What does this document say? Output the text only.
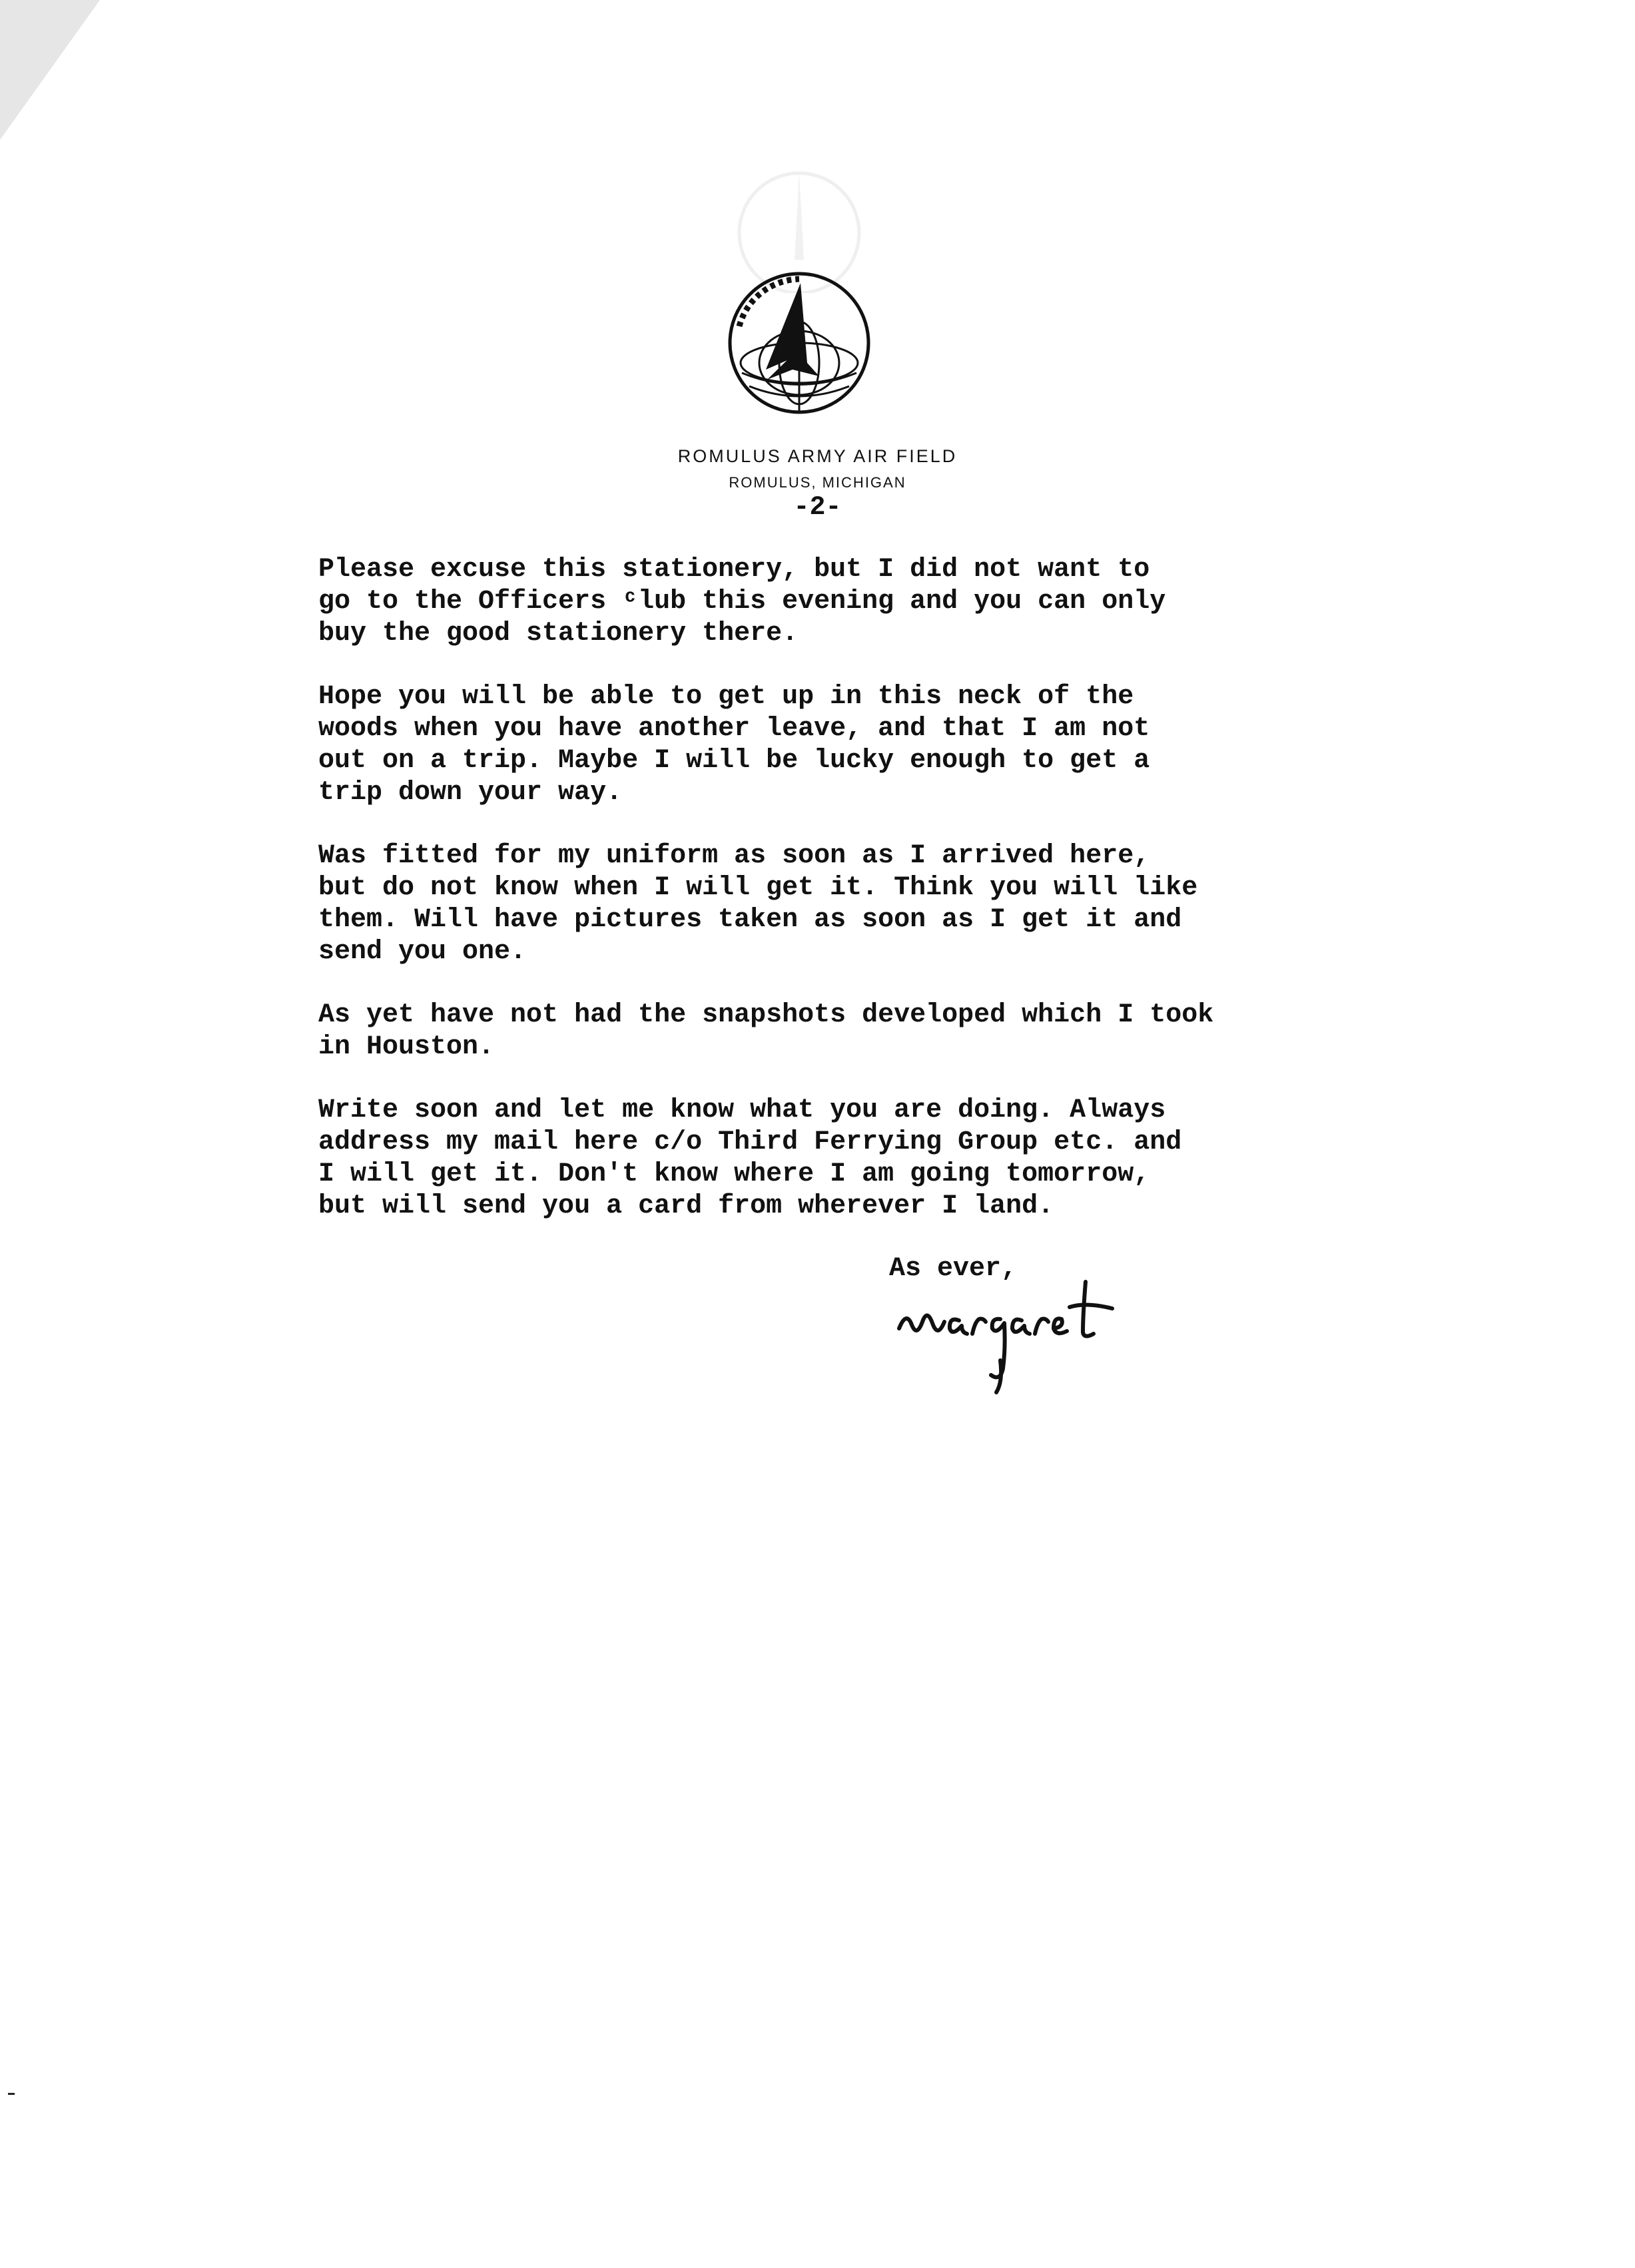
ROMULUS ARMY AIR FIELD
ROMULUS, MICHIGAN
-2-

Please excuse this stationery, but I did not want to
go to the Officers ᶜlub this evening and you can only
buy the good stationery there.

Hope you will be able to get up in this neck of the
woods when you have another leave, and that I am not
out on a trip. Maybe I will be lucky enough to get a
trip down your way.

Was fitted for my uniform as soon as I arrived here,
but do not know when I will get it. Think you will like
them. Will have pictures taken as soon as I get it and
send you one.

As yet have not had the snapshots developed which I took
in Houston.

Write soon and let me know what you are doing. Always
address my mail here c/o Third Ferrying Group etc. and
I will get it. Don't know where I am going tomorrow,
but will send you a card from wherever I land.

As ever,
